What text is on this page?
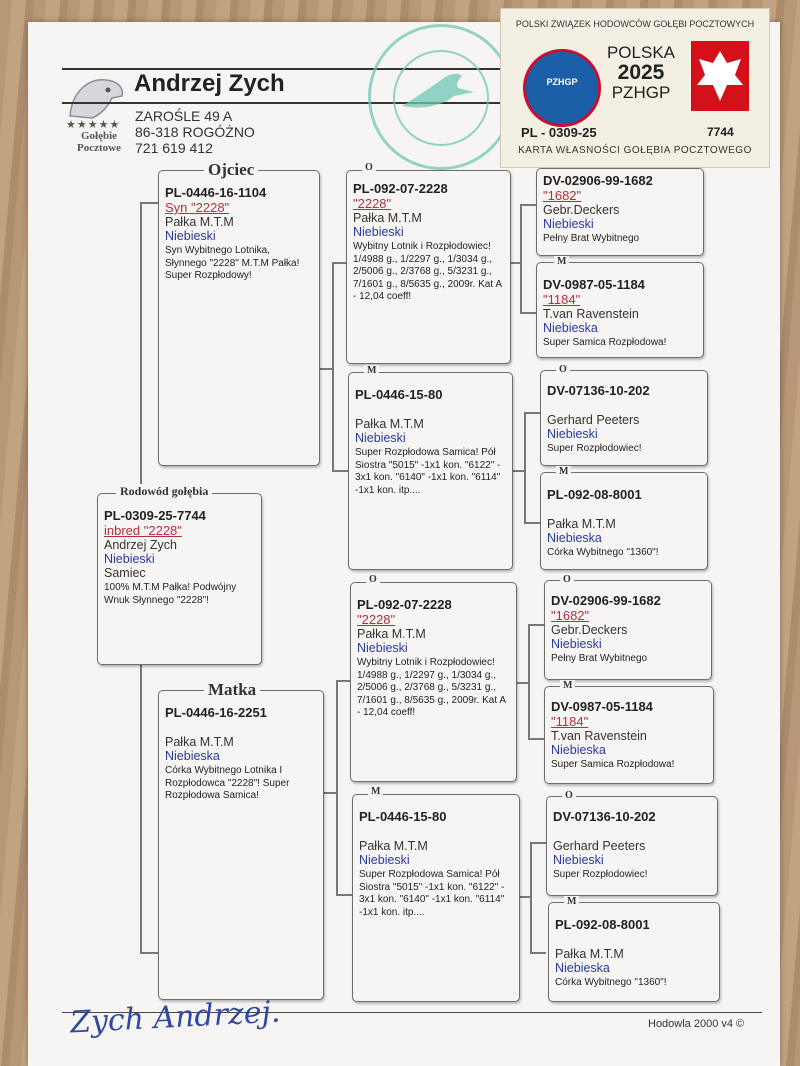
★★★★★
Gołębie Pocztowe
Andrzej Zych
ZAROŚLE 49 A
86-318 ROGÓŻNO
721 619 412
POLSKI ZWIĄZEK HODOWCÓW GOŁĘBI POCZTOWYCH
PZHGP
POLSKA
2025
PZHGP
PL - 0309-25	7744
KARTA WŁASNOŚCI GOŁĘBIA POCZTOWEGO
PL-0309-25-7744
inbred "2228"
Andrzej Zych
Niebieski
Samiec
100% M.T.M Pałka! Podwójny Wnuk Słynnego "2228"!
Rodowód gołębia
PL-0446-16-1104
Syn "2228"
Pałka M.T.M
Niebieski
Syn Wybitnego Lotnika, Słynnego "2228" M.T.M Pałka! Super Rozpłodowy!
Ojciec
PL-0446-16-2251
Pałka M.T.M
Niebieska
Córka Wybitnego Lotnika I Rozpłodowca "2228"! Super Rozpłodowa Samica!
Matka
PL-092-07-2228
"2228"
Pałka M.T.M
Niebieski
Wybitny Lotnik i Rozpłodowiec! 1/4988 g., 1/2297 g., 1/3034 g., 2/5006 g., 2/3768 g., 5/3231 g., 7/1601 g., 8/5635 g., 2009r. Kat A - 12,04 coeff!
O
PL-0446-15-80
Pałka M.T.M
Niebieski
Super Rozpłodowa Samica! Pół Siostra "5015" -1x1 kon. "6122" - 3x1 kon. "6140" -1x1 kon. "6114" -1x1 kon. itp....
M
PL-092-07-2228
"2228"
Pałka M.T.M
Niebieski
Wybitny Lotnik i Rozpłodowiec! 1/4988 g., 1/2297 g., 1/3034 g., 2/5006 g., 2/3768 g., 5/3231 g., 7/1601 g., 8/5635 g., 2009r. Kat A - 12,04 coeff!
O
PL-0446-15-80
Pałka M.T.M
Niebieski
Super Rozpłodowa Samica! Pół Siostra "5015" -1x1 kon. "6122" - 3x1 kon. "6140" -1x1 kon. "6114" -1x1 kon. itp....
M
DV-02906-99-1682
"1682"
Gebr.Deckers
Niebieski
Pełny Brat Wybitnego
DV-0987-05-1184
"1184"
T.van Ravenstein
Niebieska
Super Samica Rozpłodowa!
M
DV-07136-10-202
Gerhard Peeters
Niebieski
Super Rozpłodowiec!
O
PL-092-08-8001
Pałka M.T.M
Niebieska
Córka Wybitnego "1360"!
M
DV-02906-99-1682
"1682"
Gebr.Deckers
Niebieski
Pełny Brat Wybitnego
O
DV-0987-05-1184
"1184"
T.van Ravenstein
Niebieska
Super Samica Rozpłodowa!
M
DV-07136-10-202
Gerhard Peeters
Niebieski
Super Rozpłodowiec!
O
PL-092-08-8001
Pałka M.T.M
Niebieska
Córka Wybitnego "1360"!
M
Zych Andrzej.	Hodowla 2000 v4 ©
